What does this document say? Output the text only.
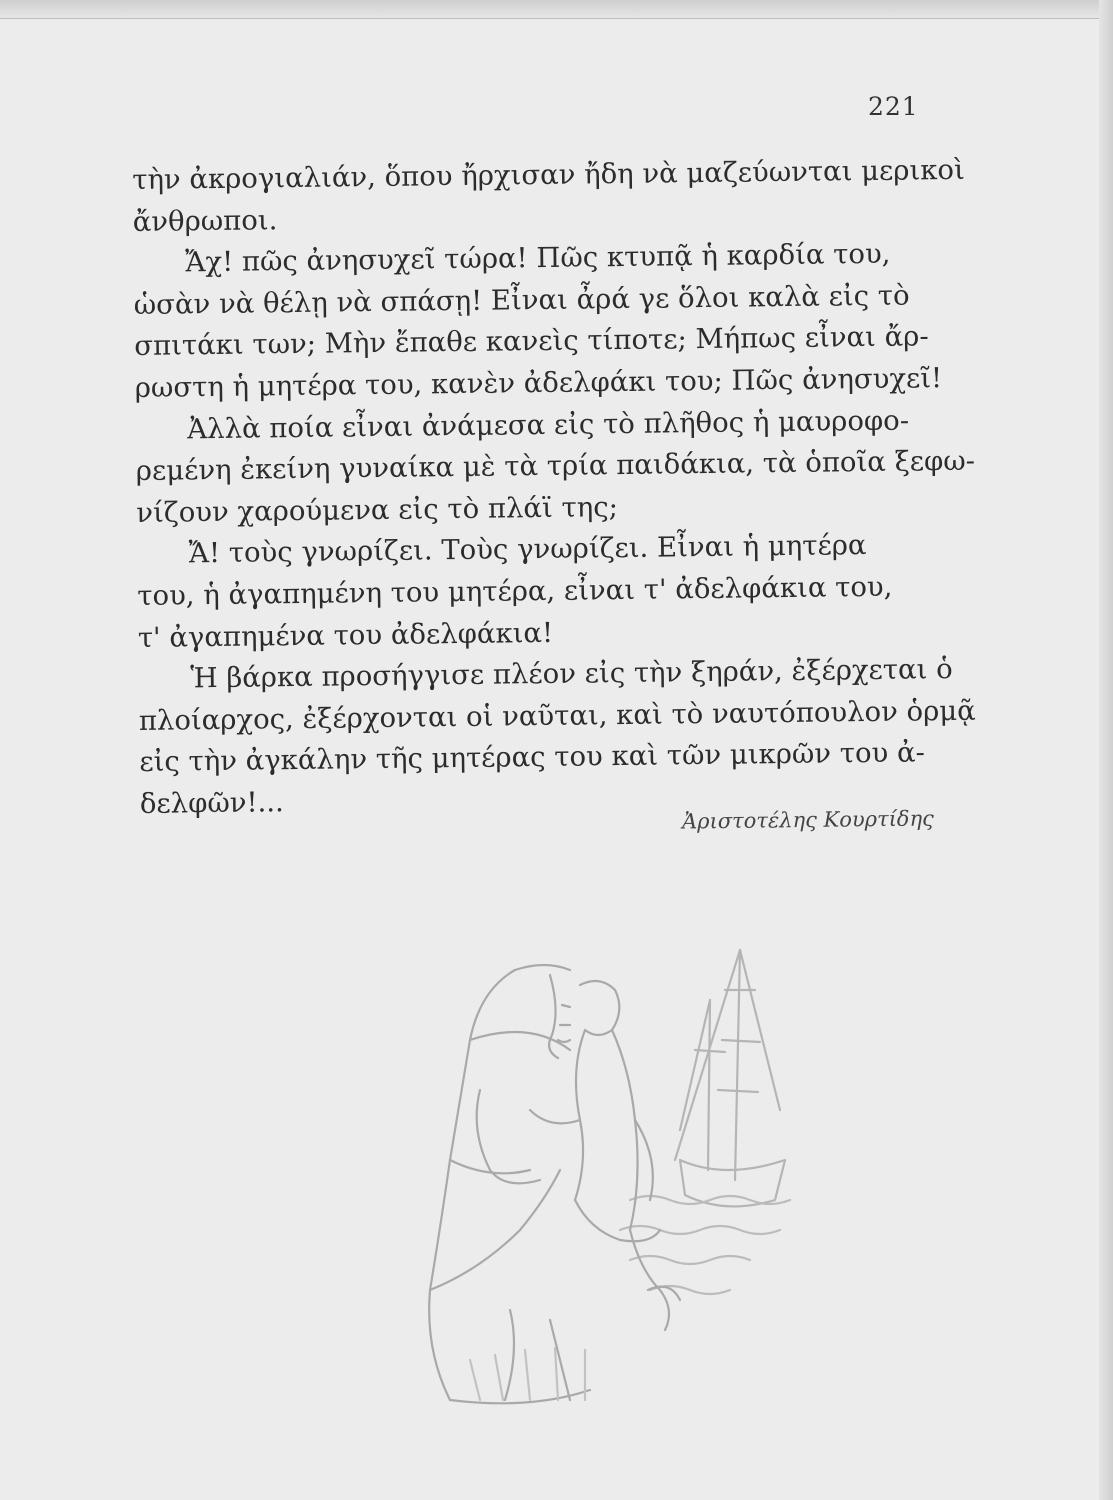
221
τὴν ἀκρογιαλιάν, ὅπου ἤρχισαν ἤδη νὰ μαζεύωνται μερικοὶ
ἄνθρωποι.
Ἄχ! πῶς ἀνησυχεῖ τώρα! Πῶς κτυπᾷ ἡ καρδία του,
ὡσὰν νὰ θέλῃ νὰ σπάσῃ! Εἶναι ἆρά γε ὅλοι καλὰ εἰς τὸ
σπιτάκι των; Μὴν ἔπαθε κανεὶς τίποτε; Μήπως εἶναι ἄρ-
ρωστη ἡ μητέρα του, κανὲν ἀδελφάκι του; Πῶς ἀνησυχεῖ!
Ἀλλὰ ποία εἶναι ἀνάμεσα εἰς τὸ πλῆθος ἡ μαυροφο-
ρεμένη ἐκείνη γυναίκα μὲ τὰ τρία παιδάκια, τὰ ὁποῖα ξεφω-
νίζουν χαρούμενα εἰς τὸ πλάϊ της;
Ἄ! τοὺς γνωρίζει. Τοὺς γνωρίζει. Εἶναι ἡ μητέρα
του, ἡ ἀγαπημένη του μητέρα, εἶναι τ' ἀδελφάκια του,
τ' ἀγαπημένα του ἀδελφάκια!
Ἡ βάρκα προσήγγισε πλέον εἰς τὴν ξηράν, ἐξέρχεται ὁ
πλοίαρχος, ἐξέρχονται οἱ ναῦται, καὶ τὸ ναυτόπουλον ὁρμᾷ
εἰς τὴν ἀγκάλην τῆς μητέρας του καὶ τῶν μικρῶν του ἀ-
δελφῶν!...
Ἀριστοτέλης Κουρτίδης
